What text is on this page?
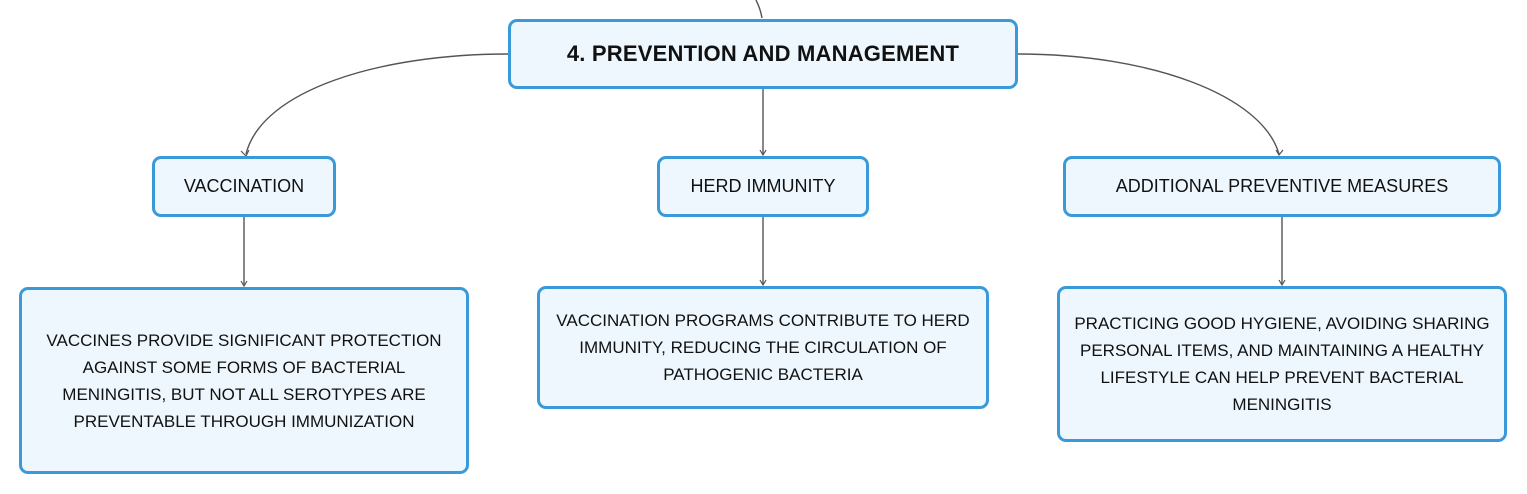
4. PREVENTION AND MANAGEMENT
VACCINATION	HERD IMMUNITY	ADDITIONAL PREVENTIVE MEASURES
VACCINES PROVIDE SIGNIFICANT PROTECTION AGAINST SOME FORMS OF BACTERIAL MENINGITIS, BUT NOT ALL SEROTYPES ARE PREVENTABLE THROUGH IMMUNIZATION
VACCINATION PROGRAMS CONTRIBUTE TO HERD IMMUNITY, REDUCING THE CIRCULATION OF PATHOGENIC BACTERIA
PRACTICING GOOD HYGIENE, AVOIDING SHARING PERSONAL ITEMS, AND MAINTAINING A HEALTHY LIFESTYLE CAN HELP PREVENT BACTERIAL MENINGITIS
